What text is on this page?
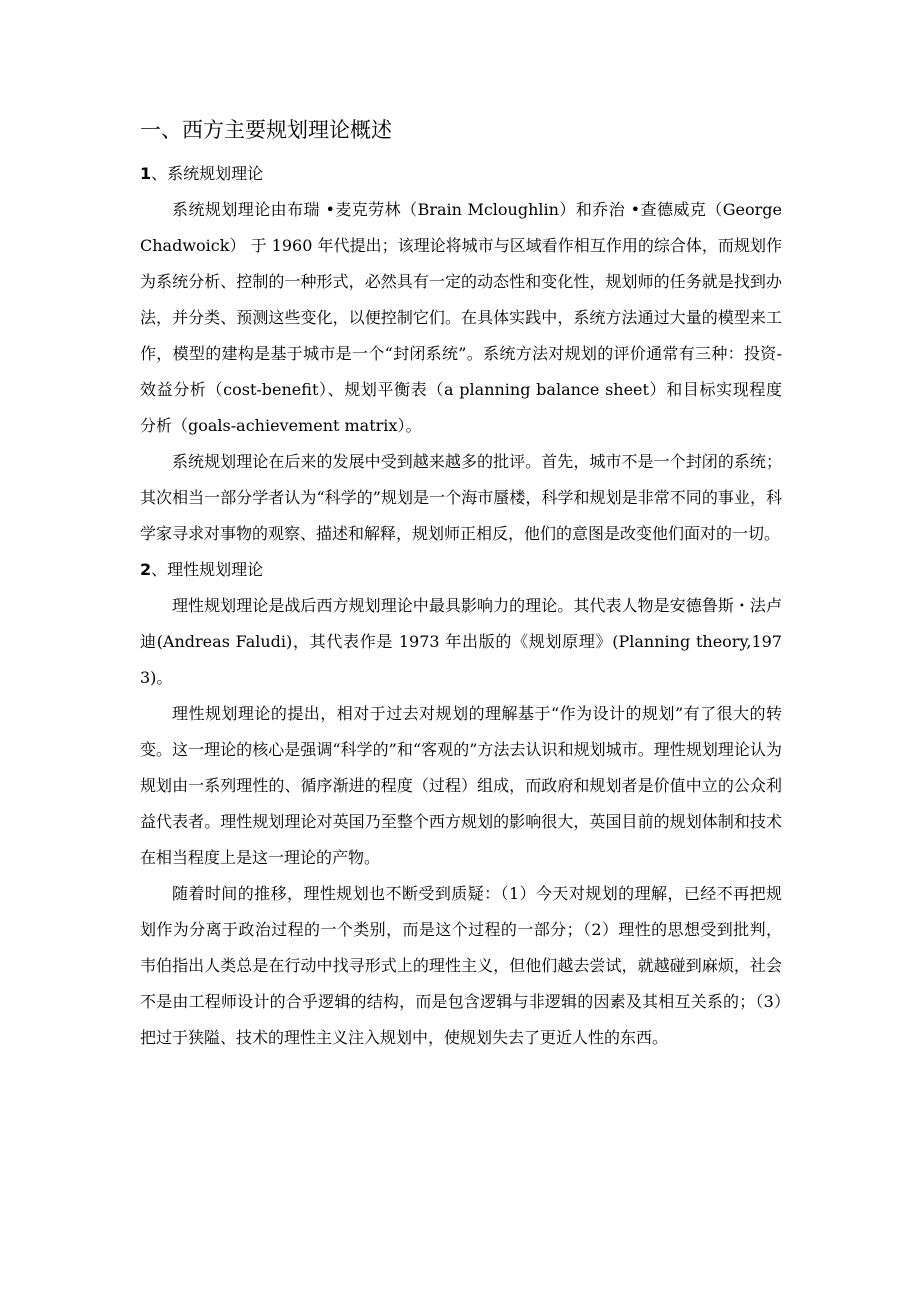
一、西方主要规划理论概述
1、系统规划理论

系统规划理论由布瑞 •麦克劳林（Brain Mcloughlin）和乔治 •查德威克（George Chadwoick） 于 1960 年代提出；该理论将城市与区域看作相互作用的综合体，而规划作为系统分析、控制的一种形式，必然具有一定的动态性和变化性，规划师的任务就是找到办法，并分类、预测这些变化，以便控制它们。在具体实践中，系统方法通过大量的模型来工作，模型的建构是基于城市是一个“封闭系统”。系统方法对规划的评价通常有三种：投资-效益分析（cost-benefit）、规划平衡表（a planning balance sheet）和目标实现程度分析（goals-achievement matrix）。

系统规划理论在后来的发展中受到越来越多的批评。首先，城市不是一个封闭的系统；其次相当一部分学者认为“科学的”规划是一个海市蜃楼，科学和规划是非常不同的事业，科学家寻求对事物的观察、描述和解释，规划师正相反，他们的意图是改变他们面对的一切。

2、理性规划理论

理性规划理论是战后西方规划理论中最具影响力的理论。其代表人物是安德鲁斯・法卢迪(Andreas Faludi)，其代表作是 1973 年出版的《规划原理》(Planning theory,1973)。

理性规划理论的提出，相对于过去对规划的理解基于“作为设计的规划”有了很大的转变。这一理论的核心是强调“科学的”和“客观的”方法去认识和规划城市。理性规划理论认为规划由一系列理性的、循序渐进的程度（过程）组成，而政府和规划者是价值中立的公众利益代表者。理性规划理论对英国乃至整个西方规划的影响很大，英国目前的规划体制和技术在相当程度上是这一理论的产物。

随着时间的推移，理性规划也不断受到质疑：（1）今天对规划的理解，已经不再把规划作为分离于政治过程的一个类别，而是这个过程的一部分；（2）理性的思想受到批判，韦伯指出人类总是在行动中找寻形式上的理性主义，但他们越去尝试，就越碰到麻烦，社会不是由工程师设计的合乎逻辑的结构，而是包含逻辑与非逻辑的因素及其相互关系的；（3）把过于狭隘、技术的理性主义注入规划中，使规划失去了更近人性的东西。
